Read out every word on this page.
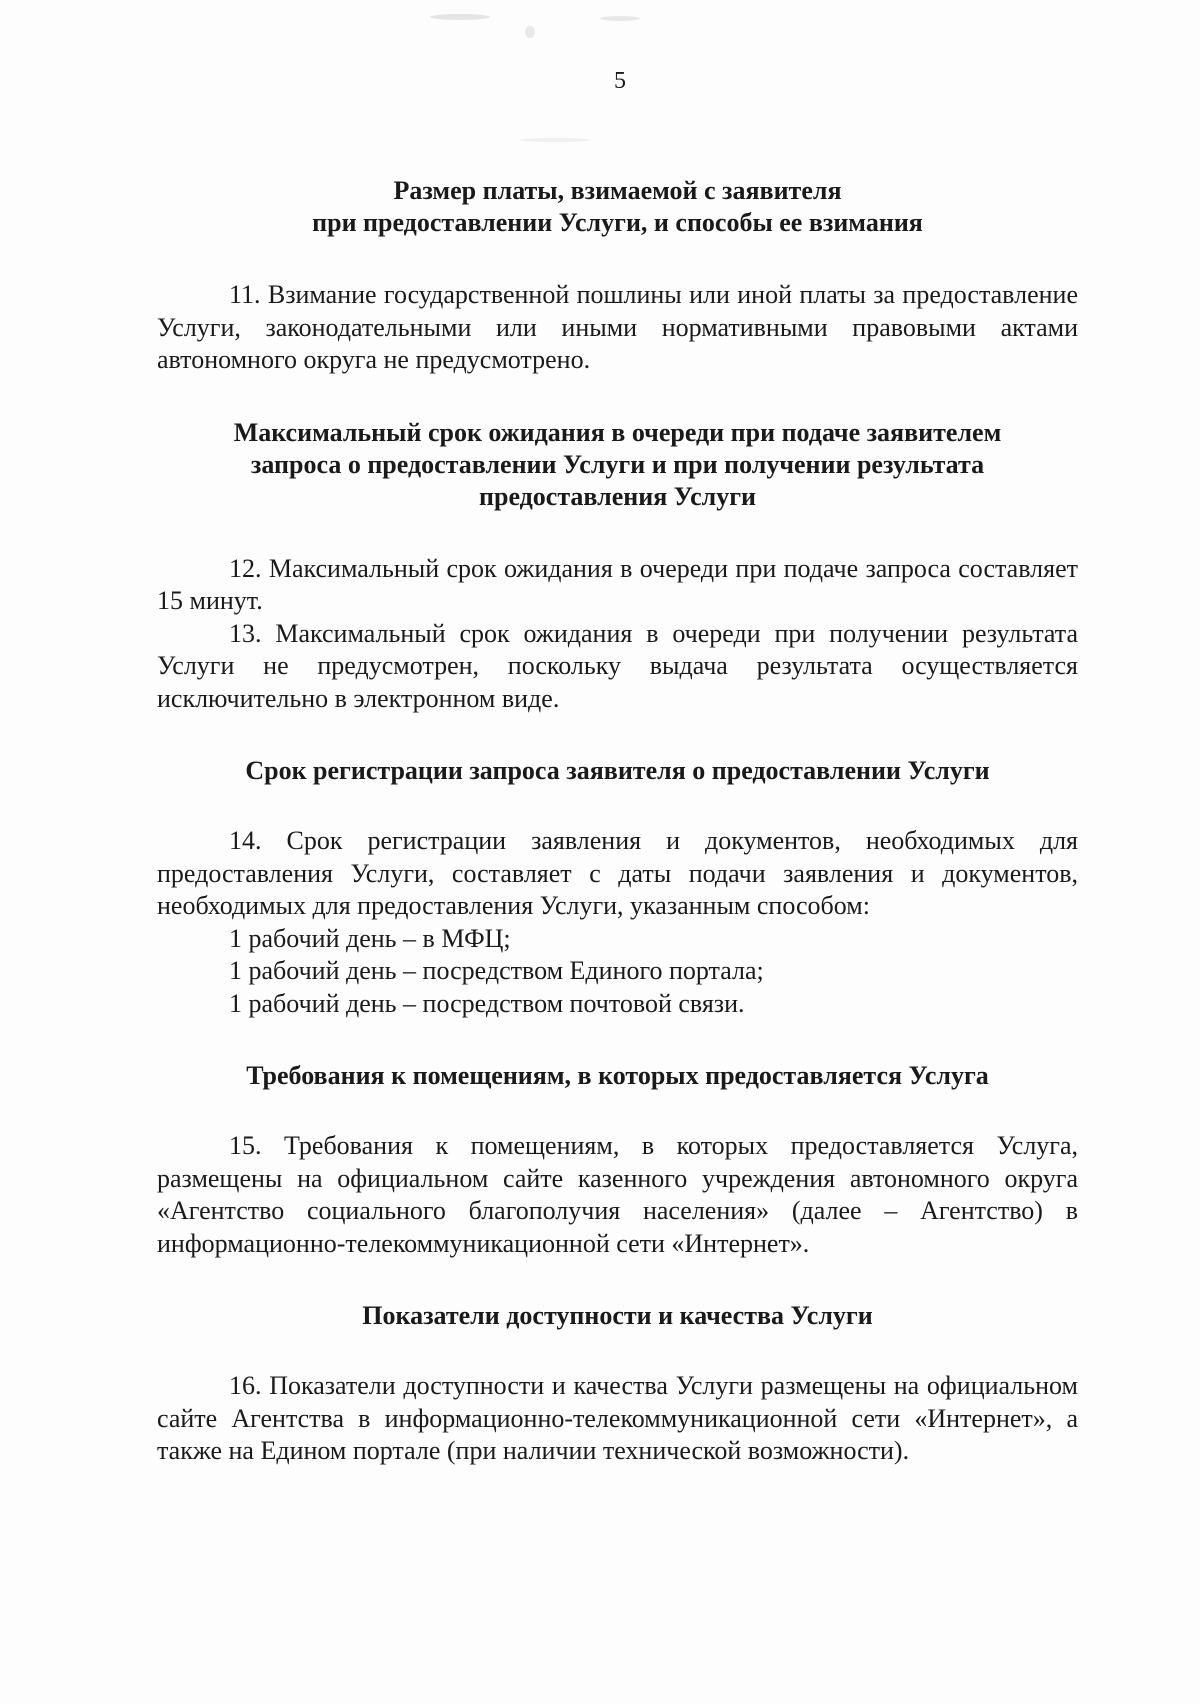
5

Размер платы, взимаемой с заявителя

при предоставлении Услуги, и способы ее взимания

11. Взимание государственной пошлины или иной платы за предоставление Услуги, законодательными или иными нормативными правовыми актами автономного округа не предусмотрено.

Максимальный срок ожидания в очереди при подаче заявителем

запроса о предоставлении Услуги и при получении результата

предоставления Услуги

12. Максимальный срок ожидания в очереди при подаче запроса составляет 15 минут.

13. Максимальный срок ожидания в очереди при получении результата Услуги не предусмотрен, поскольку выдача результата осуществляется исключительно в электронном виде.

Срок регистрации запроса заявителя о предоставлении Услуги

14. Срок регистрации заявления и документов, необходимых для предоставления Услуги, составляет с даты подачи заявления и документов, необходимых для предоставления Услуги, указанным способом:

1 рабочий день – в МФЦ;

1 рабочий день – посредством Единого портала;

1 рабочий день – посредством почтовой связи.

Требования к помещениям, в которых предоставляется Услуга

15. Требования к помещениям, в которых предоставляется Услуга, размещены на официальном сайте казенного учреждения автономного округа «Агентство социального благополучия населения» (далее – Агентство) в информационно-телекоммуникационной сети «Интернет».

Показатели доступности и качества Услуги

16. Показатели доступности и качества Услуги размещены на официальном сайте Агентства в информационно-телекоммуникационной сети «Интернет», а также на Едином портале (при наличии технической возможности).
